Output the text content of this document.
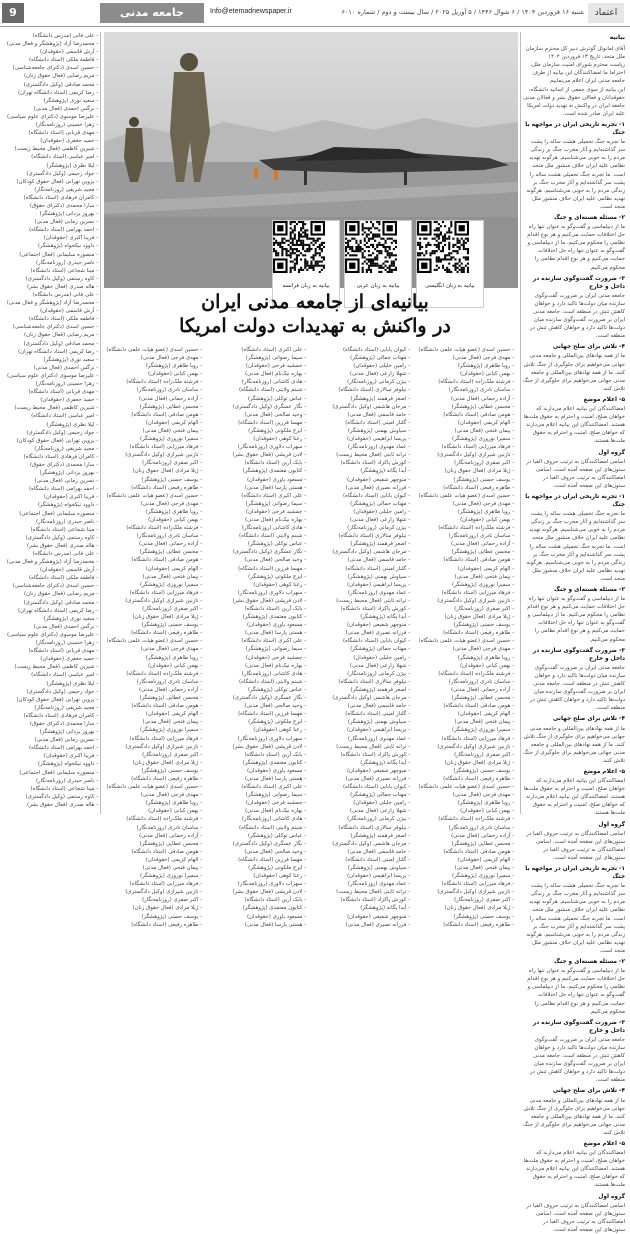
9	جامعه مدنی	Info@etemadnewspaper.ir	شنبه ۱۶ فروردین ۱۴۰۴ / ۶ شوال ۱۴۴۶ / ۵ آوریل ۲۰۲۵ / سال بیست و دوم / شماره ۶۰۱۰	اعتماد

- علی فانی (مدرس دانشگاه)

- محمدرضا آزاد (پژوهشگر و فعال مدنی)

- آرش قاسمی (حقوقدان)

- فاطمه ملکی (استاد دانشگاه)

- حسین اسدی (دکترای جامعه‌شناسی)

- مریم رضایی (فعال حقوق زنان)

- محمد صادقی (وکیل دادگستری)

- رضا کریمی (استاد دانشگاه تهران)

- سعید نوری (پژوهشگر)

- نرگس احمدی (فعال مدنی)

- علیرضا موسوی (دکترای علوم سیاسی)

- زهرا حسینی (روزنامه‌نگار)

- مهدی قربانی (استاد دانشگاه)

- حمید جعفری (حقوقدان)

- شیرین کاظمی (فعال محیط زیست)

- امیر عباسی (استاد دانشگاه)

- لیلا نظری (پژوهشگر)

- جواد رحیمی (وکیل دادگستری)

- پروین تهرانی (فعال حقوق کودکان)

- مجید شریفی (روزنامه‌نگار)

- کامران فرهادی (استاد دانشگاه)

- سارا محمدی (دکترای حقوق)

- بهروز یزدانی (پژوهشگر)

- نسرین زمانی (فعال مدنی)

- احمد بهرامی (استاد دانشگاه)

- فریبا اکبری (حقوقدان)

- داوود نیکخواه (پژوهشگر)

- منصوره سلیمانی (فعال اجتماعی)

- ناصر حیدری (روزنامه‌نگار)

- مینا شجاعی (استاد دانشگاه)

- کاوه رستمی (وکیل دادگستری)

- هاله صدری (فعال حقوق بشر)

- علی فانی (مدرس دانشگاه)

- محمدرضا آزاد (پژوهشگر و فعال مدنی)

- آرش قاسمی (حقوقدان)

- فاطمه ملکی (استاد دانشگاه)

- حسین اسدی (دکترای جامعه‌شناسی)

- مریم رضایی (فعال حقوق زنان)

- محمد صادقی (وکیل دادگستری)

- رضا کریمی (استاد دانشگاه تهران)

- سعید نوری (پژوهشگر)

- نرگس احمدی (فعال مدنی)

- علیرضا موسوی (دکترای علوم سیاسی)

- زهرا حسینی (روزنامه‌نگار)

- مهدی قربانی (استاد دانشگاه)

- حمید جعفری (حقوقدان)

- شیرین کاظمی (فعال محیط زیست)

- امیر عباسی (استاد دانشگاه)

- لیلا نظری (پژوهشگر)

- جواد رحیمی (وکیل دادگستری)

- پروین تهرانی (فعال حقوق کودکان)

- مجید شریفی (روزنامه‌نگار)

- کامران فرهادی (استاد دانشگاه)

- سارا محمدی (دکترای حقوق)

- بهروز یزدانی (پژوهشگر)

- نسرین زمانی (فعال مدنی)

- احمد بهرامی (استاد دانشگاه)

- فریبا اکبری (حقوقدان)

- داوود نیکخواه (پژوهشگر)

- منصوره سلیمانی (فعال اجتماعی)

- ناصر حیدری (روزنامه‌نگار)

- مینا شجاعی (استاد دانشگاه)

- کاوه رستمی (وکیل دادگستری)

- هاله صدری (فعال حقوق بشر)

- علی فانی (مدرس دانشگاه)

- محمدرضا آزاد (پژوهشگر و فعال مدنی)

- آرش قاسمی (حقوقدان)

- فاطمه ملکی (استاد دانشگاه)

- حسین اسدی (دکترای جامعه‌شناسی)

- مریم رضایی (فعال حقوق زنان)

- محمد صادقی (وکیل دادگستری)

- رضا کریمی (استاد دانشگاه تهران)

- سعید نوری (پژوهشگر)

- نرگس احمدی (فعال مدنی)

- علیرضا موسوی (دکترای علوم سیاسی)

- زهرا حسینی (روزنامه‌نگار)

- مهدی قربانی (استاد دانشگاه)

- حمید جعفری (حقوقدان)

- شیرین کاظمی (فعال محیط زیست)

- امیر عباسی (استاد دانشگاه)

- لیلا نظری (پژوهشگر)

- جواد رحیمی (وکیل دادگستری)

- پروین تهرانی (فعال حقوق کودکان)

- مجید شریفی (روزنامه‌نگار)

- کامران فرهادی (استاد دانشگاه)

- سارا محمدی (دکترای حقوق)

- بهروز یزدانی (پژوهشگر)

- نسرین زمانی (فعال مدنی)

- احمد بهرامی (استاد دانشگاه)

- فریبا اکبری (حقوقدان)

- داوود نیکخواه (پژوهشگر)

- منصوره سلیمانی (فعال اجتماعی)

- ناصر حیدری (روزنامه‌نگار)

- مینا شجاعی (استاد دانشگاه)

- کاوه رستمی (وکیل دادگستری)

- هاله صدری (فعال حقوق بشر)

بیانیه به زبان انگلیسی
بیانیه به زبان عربی
بیانیه به زبان فرانسه
بیانیه‌ای از جامعه مدنی ایران
در واکنش به تهدیدات دولت امریکا

- حسین اسدی (عضو هیات علمی دانشگاه)

- مهدی فرجی (فعال مدنی)

- رویا طاهری (پژوهشگر)

- بهمن کیانی (حقوقدان)

- فرشته ملک‌زاده (استاد دانشگاه)

- ساسان نادری (روزنامه‌نگار)

- آزاده رحمانی (فعال مدنی)

- محسن عطایی (پژوهشگر)

- هومن صادقی (استاد دانشگاه)

- الهام کریمی (حقوقدان)

- پیمان فتحی (فعال مدنی)

- سمیرا نوروزی (پژوهشگر)

- فرهاد میرزایی (استاد دانشگاه)

- نازنین شیرازی (وکیل دادگستری)

- اکبر صفری (روزنامه‌نگار)

- ژیلا مرادی (فعال حقوق زنان)

- یوسف حسنی (پژوهشگر)

- طاهره رفیعی (استاد دانشگاه)

- حسین اسدی (عضو هیات علمی دانشگاه)

- مهدی فرجی (فعال مدنی)

- رویا طاهری (پژوهشگر)

- بهمن کیانی (حقوقدان)

- فرشته ملک‌زاده (استاد دانشگاه)

- ساسان نادری (روزنامه‌نگار)

- آزاده رحمانی (فعال مدنی)

- محسن عطایی (پژوهشگر)

- هومن صادقی (استاد دانشگاه)

- الهام کریمی (حقوقدان)

- پیمان فتحی (فعال مدنی)

- سمیرا نوروزی (پژوهشگر)

- فرهاد میرزایی (استاد دانشگاه)

- نازنین شیرازی (وکیل دادگستری)

- اکبر صفری (روزنامه‌نگار)

- ژیلا مرادی (فعال حقوق زنان)

- یوسف حسنی (پژوهشگر)

- طاهره رفیعی (استاد دانشگاه)

- حسین اسدی (عضو هیات علمی دانشگاه)

- مهدی فرجی (فعال مدنی)

- رویا طاهری (پژوهشگر)

- بهمن کیانی (حقوقدان)

- فرشته ملک‌زاده (استاد دانشگاه)

- ساسان نادری (روزنامه‌نگار)

- آزاده رحمانی (فعال مدنی)

- محسن عطایی (پژوهشگر)

- هومن صادقی (استاد دانشگاه)

- الهام کریمی (حقوقدان)

- پیمان فتحی (فعال مدنی)

- سمیرا نوروزی (پژوهشگر)

- فرهاد میرزایی (استاد دانشگاه)

- نازنین شیرازی (وکیل دادگستری)

- اکبر صفری (روزنامه‌نگار)

- ژیلا مرادی (فعال حقوق زنان)

- یوسف حسنی (پژوهشگر)

- طاهره رفیعی (استاد دانشگاه)

- حسین اسدی (عضو هیات علمی دانشگاه)

- مهدی فرجی (فعال مدنی)

- رویا طاهری (پژوهشگر)

- بهمن کیانی (حقوقدان)

- فرشته ملک‌زاده (استاد دانشگاه)

- ساسان نادری (روزنامه‌نگار)

- آزاده رحمانی (فعال مدنی)

- محسن عطایی (پژوهشگر)

- هومن صادقی (استاد دانشگاه)

- الهام کریمی (حقوقدان)

- پیمان فتحی (فعال مدنی)

- سمیرا نوروزی (پژوهشگر)

- فرهاد میرزایی (استاد دانشگاه)

- نازنین شیرازی (وکیل دادگستری)

- اکبر صفری (روزنامه‌نگار)

- ژیلا مرادی (فعال حقوق زنان)

- یوسف حسنی (پژوهشگر)

- طاهره رفیعی (استاد دانشگاه)

- کیوان بابایی (استاد دانشگاه)

- مهتاب جمالی (پژوهشگر)

- رامین خلیلی (حقوقدان)

- شهلا زارعی (فعال مدنی)

- بیژن کرمانی (روزنامه‌نگار)

- نیلوفر سالاری (استاد دانشگاه)

- اصغر فرهمند (پژوهشگر)

- مرجان هاشمی (وکیل دادگستری)

- حامد قاسمی (فعال مدنی)

- گلناز امینی (استاد دانشگاه)

- سیاوش بهمنی (پژوهشگر)

- پریسا ابراهیمی (حقوقدان)

- عماد مهدوی (روزنامه‌نگار)

- ترانه ثابتی (فعال محیط زیست)

- کورش پاکزاد (استاد دانشگاه)

- آیدا یگانه (پژوهشگر)

- منوچهر شفیعی (حقوقدان)

- فرزانه نصیری (فعال مدنی)

- کیوان بابایی (استاد دانشگاه)

- مهتاب جمالی (پژوهشگر)

- رامین خلیلی (حقوقدان)

- شهلا زارعی (فعال مدنی)

- بیژن کرمانی (روزنامه‌نگار)

- نیلوفر سالاری (استاد دانشگاه)

- اصغر فرهمند (پژوهشگر)

- مرجان هاشمی (وکیل دادگستری)

- حامد قاسمی (فعال مدنی)

- گلناز امینی (استاد دانشگاه)

- سیاوش بهمنی (پژوهشگر)

- پریسا ابراهیمی (حقوقدان)

- عماد مهدوی (روزنامه‌نگار)

- ترانه ثابتی (فعال محیط زیست)

- کورش پاکزاد (استاد دانشگاه)

- آیدا یگانه (پژوهشگر)

- منوچهر شفیعی (حقوقدان)

- فرزانه نصیری (فعال مدنی)

- کیوان بابایی (استاد دانشگاه)

- مهتاب جمالی (پژوهشگر)

- رامین خلیلی (حقوقدان)

- شهلا زارعی (فعال مدنی)

- بیژن کرمانی (روزنامه‌نگار)

- نیلوفر سالاری (استاد دانشگاه)

- اصغر فرهمند (پژوهشگر)

- مرجان هاشمی (وکیل دادگستری)

- حامد قاسمی (فعال مدنی)

- گلناز امینی (استاد دانشگاه)

- سیاوش بهمنی (پژوهشگر)

- پریسا ابراهیمی (حقوقدان)

- عماد مهدوی (روزنامه‌نگار)

- ترانه ثابتی (فعال محیط زیست)

- کورش پاکزاد (استاد دانشگاه)

- آیدا یگانه (پژوهشگر)

- منوچهر شفیعی (حقوقدان)

- فرزانه نصیری (فعال مدنی)

- کیوان بابایی (استاد دانشگاه)

- مهتاب جمالی (پژوهشگر)

- رامین خلیلی (حقوقدان)

- شهلا زارعی (فعال مدنی)

- بیژن کرمانی (روزنامه‌نگار)

- نیلوفر سالاری (استاد دانشگاه)

- اصغر فرهمند (پژوهشگر)

- مرجان هاشمی (وکیل دادگستری)

- حامد قاسمی (فعال مدنی)

- گلناز امینی (استاد دانشگاه)

- سیاوش بهمنی (پژوهشگر)

- پریسا ابراهیمی (حقوقدان)

- عماد مهدوی (روزنامه‌نگار)

- ترانه ثابتی (فعال محیط زیست)

- کورش پاکزاد (استاد دانشگاه)

- آیدا یگانه (پژوهشگر)

- منوچهر شفیعی (حقوقدان)

- فرزانه نصیری (فعال مدنی)

- علی اکبری (استاد دانشگاه)

- سیما رضوانی (پژوهشگر)

- جمشید فرخی (حقوقدان)

- بهاره نیک‌نام (فعال مدنی)

- هادی کاشانی (روزنامه‌نگار)

- شبنم ولایتی (استاد دانشگاه)

- عباس توکلی (پژوهشگر)

- نگار عسگری (وکیل دادگستری)

- وحید صالحی (فعال مدنی)

- مهسا فرزین (استاد دانشگاه)

- ایرج ملکوتی (پژوهشگر)

- رعنا کوهی (حقوقدان)

- سهراب دلاوری (روزنامه‌نگار)

- لادن قریشی (فعال حقوق بشر)

- بابک آرین (استاد دانشگاه)

- کتایون معتمدی (پژوهشگر)

- مسعود یاوری (حقوقدان)

- هستی پارسا (فعال مدنی)

- علی اکبری (استاد دانشگاه)

- سیما رضوانی (پژوهشگر)

- جمشید فرخی (حقوقدان)

- بهاره نیک‌نام (فعال مدنی)

- هادی کاشانی (روزنامه‌نگار)

- شبنم ولایتی (استاد دانشگاه)

- عباس توکلی (پژوهشگر)

- نگار عسگری (وکیل دادگستری)

- وحید صالحی (فعال مدنی)

- مهسا فرزین (استاد دانشگاه)

- ایرج ملکوتی (پژوهشگر)

- رعنا کوهی (حقوقدان)

- سهراب دلاوری (روزنامه‌نگار)

- لادن قریشی (فعال حقوق بشر)

- بابک آرین (استاد دانشگاه)

- کتایون معتمدی (پژوهشگر)

- مسعود یاوری (حقوقدان)

- هستی پارسا (فعال مدنی)

- علی اکبری (استاد دانشگاه)

- سیما رضوانی (پژوهشگر)

- جمشید فرخی (حقوقدان)

- بهاره نیک‌نام (فعال مدنی)

- هادی کاشانی (روزنامه‌نگار)

- شبنم ولایتی (استاد دانشگاه)

- عباس توکلی (پژوهشگر)

- نگار عسگری (وکیل دادگستری)

- وحید صالحی (فعال مدنی)

- مهسا فرزین (استاد دانشگاه)

- ایرج ملکوتی (پژوهشگر)

- رعنا کوهی (حقوقدان)

- سهراب دلاوری (روزنامه‌نگار)

- لادن قریشی (فعال حقوق بشر)

- بابک آرین (استاد دانشگاه)

- کتایون معتمدی (پژوهشگر)

- مسعود یاوری (حقوقدان)

- هستی پارسا (فعال مدنی)

- علی اکبری (استاد دانشگاه)

- سیما رضوانی (پژوهشگر)

- جمشید فرخی (حقوقدان)

- بهاره نیک‌نام (فعال مدنی)

- هادی کاشانی (روزنامه‌نگار)

- شبنم ولایتی (استاد دانشگاه)

- عباس توکلی (پژوهشگر)

- نگار عسگری (وکیل دادگستری)

- وحید صالحی (فعال مدنی)

- مهسا فرزین (استاد دانشگاه)

- ایرج ملکوتی (پژوهشگر)

- رعنا کوهی (حقوقدان)

- سهراب دلاوری (روزنامه‌نگار)

- لادن قریشی (فعال حقوق بشر)

- بابک آرین (استاد دانشگاه)

- کتایون معتمدی (پژوهشگر)

- مسعود یاوری (حقوقدان)

- هستی پارسا (فعال مدنی)

- حسین اسدی (عضو هیات علمی دانشگاه)

- مهدی فرجی (فعال مدنی)

- رویا طاهری (پژوهشگر)

- بهمن کیانی (حقوقدان)

- فرشته ملک‌زاده (استاد دانشگاه)

- ساسان نادری (روزنامه‌نگار)

- آزاده رحمانی (فعال مدنی)

- محسن عطایی (پژوهشگر)

- هومن صادقی (استاد دانشگاه)

- الهام کریمی (حقوقدان)

- پیمان فتحی (فعال مدنی)

- سمیرا نوروزی (پژوهشگر)

- فرهاد میرزایی (استاد دانشگاه)

- نازنین شیرازی (وکیل دادگستری)

- اکبر صفری (روزنامه‌نگار)

- ژیلا مرادی (فعال حقوق زنان)

- یوسف حسنی (پژوهشگر)

- طاهره رفیعی (استاد دانشگاه)

- حسین اسدی (عضو هیات علمی دانشگاه)

- مهدی فرجی (فعال مدنی)

- رویا طاهری (پژوهشگر)

- بهمن کیانی (حقوقدان)

- فرشته ملک‌زاده (استاد دانشگاه)

- ساسان نادری (روزنامه‌نگار)

- آزاده رحمانی (فعال مدنی)

- محسن عطایی (پژوهشگر)

- هومن صادقی (استاد دانشگاه)

- الهام کریمی (حقوقدان)

- پیمان فتحی (فعال مدنی)

- سمیرا نوروزی (پژوهشگر)

- فرهاد میرزایی (استاد دانشگاه)

- نازنین شیرازی (وکیل دادگستری)

- اکبر صفری (روزنامه‌نگار)

- ژیلا مرادی (فعال حقوق زنان)

- یوسف حسنی (پژوهشگر)

- طاهره رفیعی (استاد دانشگاه)

- حسین اسدی (عضو هیات علمی دانشگاه)

- مهدی فرجی (فعال مدنی)

- رویا طاهری (پژوهشگر)

- بهمن کیانی (حقوقدان)

- فرشته ملک‌زاده (استاد دانشگاه)

- ساسان نادری (روزنامه‌نگار)

- آزاده رحمانی (فعال مدنی)

- محسن عطایی (پژوهشگر)

- هومن صادقی (استاد دانشگاه)

- الهام کریمی (حقوقدان)

- پیمان فتحی (فعال مدنی)

- سمیرا نوروزی (پژوهشگر)

- فرهاد میرزایی (استاد دانشگاه)

- نازنین شیرازی (وکیل دادگستری)

- اکبر صفری (روزنامه‌نگار)

- ژیلا مرادی (فعال حقوق زنان)

- یوسف حسنی (پژوهشگر)

- طاهره رفیعی (استاد دانشگاه)

- حسین اسدی (عضو هیات علمی دانشگاه)

- مهدی فرجی (فعال مدنی)

- رویا طاهری (پژوهشگر)

- بهمن کیانی (حقوقدان)

- فرشته ملک‌زاده (استاد دانشگاه)

- ساسان نادری (روزنامه‌نگار)

- آزاده رحمانی (فعال مدنی)

- محسن عطایی (پژوهشگر)

- هومن صادقی (استاد دانشگاه)

- الهام کریمی (حقوقدان)

- پیمان فتحی (فعال مدنی)

- سمیرا نوروزی (پژوهشگر)

- فرهاد میرزایی (استاد دانشگاه)

- نازنین شیرازی (وکیل دادگستری)

- اکبر صفری (روزنامه‌نگار)

- ژیلا مرادی (فعال حقوق زنان)

- یوسف حسنی (پژوهشگر)

- طاهره رفیعی (استاد دانشگاه)

بیانیه

آقای امانوئل گوترش دبیر کل محترم سازمان ملل متحد، تاریخ ۱۳ فروردین ۱۴۰۴

ریاست محترم شورای امنیت سازمان ملل، احتراما ما امضاکنندگان این بیانیه از طرف جامعه مدنی ایران اعلام می‌نماییم

این بیانیه از سوی جمعی از اساتید دانشگاه، حقوقدانان و فعالان حقوق بشر و فعالان مدنی جامعه ایران در واکنش به تهدید دولت امریکا علیه ایران صادر شده است.

۱- تجربه تاریخی ایران در مواجهه با جنگ

ما تجربه جنگ تحمیلی هشت ساله را پشت سر گذاشته‌ایم و آثار مخرب جنگ بر زندگی مردم را به خوبی می‌شناسیم. هرگونه تهدید نظامی علیه ایران خلاف منشور ملل متحد است. ما تجربه جنگ تحمیلی هشت ساله را پشت سر گذاشته‌ایم و آثار مخرب جنگ بر زندگی مردم را به خوبی می‌شناسیم. هرگونه تهدید نظامی علیه ایران خلاف منشور ملل متحد است.

۲- مسئله هسته‌ای و جنگ

ما از دیپلماسی و گفت‌وگو به عنوان تنها راه حل اختلافات حمایت می‌کنیم و هر نوع اقدام نظامی را محکوم می‌کنیم. ما از دیپلماسی و گفت‌وگو به عنوان تنها راه حل اختلافات حمایت می‌کنیم و هر نوع اقدام نظامی را محکوم می‌کنیم.

۳- ضرورت گفت‌وگوی سازنده در داخل و خارج

جامعه مدنی ایران بر ضرورت گفت‌وگوی سازنده میان دولت‌ها تاکید دارد و خواهان کاهش تنش در منطقه است. جامعه مدنی ایران بر ضرورت گفت‌وگوی سازنده میان دولت‌ها تاکید دارد و خواهان کاهش تنش در منطقه است.

۴- تلاش برای صلح جهانی

ما از همه نهادهای بین‌المللی و جامعه مدنی جهانی می‌خواهیم برای جلوگیری از جنگ تلاش کنند. ما از همه نهادهای بین‌المللی و جامعه مدنی جهانی می‌خواهیم برای جلوگیری از جنگ تلاش کنند.

۵- اعلام موضع

امضاکنندگان این بیانیه اعلام می‌دارند که خواهان صلح، امنیت و احترام به حقوق ملت‌ها هستند. امضاکنندگان این بیانیه اعلام می‌دارند که خواهان صلح، امنیت و احترام به حقوق ملت‌ها هستند.

گروه اول

اسامی امضاکنندگان به ترتیب حروف الفبا در ستون‌های این صفحه آمده است. اسامی امضاکنندگان به ترتیب حروف الفبا در ستون‌های این صفحه آمده است.

۱- تجربه تاریخی ایران در مواجهه با جنگ

ما تجربه جنگ تحمیلی هشت ساله را پشت سر گذاشته‌ایم و آثار مخرب جنگ بر زندگی مردم را به خوبی می‌شناسیم. هرگونه تهدید نظامی علیه ایران خلاف منشور ملل متحد است. ما تجربه جنگ تحمیلی هشت ساله را پشت سر گذاشته‌ایم و آثار مخرب جنگ بر زندگی مردم را به خوبی می‌شناسیم. هرگونه تهدید نظامی علیه ایران خلاف منشور ملل متحد است.

۲- مسئله هسته‌ای و جنگ

ما از دیپلماسی و گفت‌وگو به عنوان تنها راه حل اختلافات حمایت می‌کنیم و هر نوع اقدام نظامی را محکوم می‌کنیم. ما از دیپلماسی و گفت‌وگو به عنوان تنها راه حل اختلافات حمایت می‌کنیم و هر نوع اقدام نظامی را محکوم می‌کنیم.

۳- ضرورت گفت‌وگوی سازنده در داخل و خارج

جامعه مدنی ایران بر ضرورت گفت‌وگوی سازنده میان دولت‌ها تاکید دارد و خواهان کاهش تنش در منطقه است. جامعه مدنی ایران بر ضرورت گفت‌وگوی سازنده میان دولت‌ها تاکید دارد و خواهان کاهش تنش در منطقه است.

۴- تلاش برای صلح جهانی

ما از همه نهادهای بین‌المللی و جامعه مدنی جهانی می‌خواهیم برای جلوگیری از جنگ تلاش کنند. ما از همه نهادهای بین‌المللی و جامعه مدنی جهانی می‌خواهیم برای جلوگیری از جنگ تلاش کنند.

۵- اعلام موضع

امضاکنندگان این بیانیه اعلام می‌دارند که خواهان صلح، امنیت و احترام به حقوق ملت‌ها هستند. امضاکنندگان این بیانیه اعلام می‌دارند که خواهان صلح، امنیت و احترام به حقوق ملت‌ها هستند.

گروه اول

اسامی امضاکنندگان به ترتیب حروف الفبا در ستون‌های این صفحه آمده است. اسامی امضاکنندگان به ترتیب حروف الفبا در ستون‌های این صفحه آمده است.

۱- تجربه تاریخی ایران در مواجهه با جنگ

ما تجربه جنگ تحمیلی هشت ساله را پشت سر گذاشته‌ایم و آثار مخرب جنگ بر زندگی مردم را به خوبی می‌شناسیم. هرگونه تهدید نظامی علیه ایران خلاف منشور ملل متحد است. ما تجربه جنگ تحمیلی هشت ساله را پشت سر گذاشته‌ایم و آثار مخرب جنگ بر زندگی مردم را به خوبی می‌شناسیم. هرگونه تهدید نظامی علیه ایران خلاف منشور ملل متحد است.

۲- مسئله هسته‌ای و جنگ

ما از دیپلماسی و گفت‌وگو به عنوان تنها راه حل اختلافات حمایت می‌کنیم و هر نوع اقدام نظامی را محکوم می‌کنیم. ما از دیپلماسی و گفت‌وگو به عنوان تنها راه حل اختلافات حمایت می‌کنیم و هر نوع اقدام نظامی را محکوم می‌کنیم.

۳- ضرورت گفت‌وگوی سازنده در داخل و خارج

جامعه مدنی ایران بر ضرورت گفت‌وگوی سازنده میان دولت‌ها تاکید دارد و خواهان کاهش تنش در منطقه است. جامعه مدنی ایران بر ضرورت گفت‌وگوی سازنده میان دولت‌ها تاکید دارد و خواهان کاهش تنش در منطقه است.

۴- تلاش برای صلح جهانی

ما از همه نهادهای بین‌المللی و جامعه مدنی جهانی می‌خواهیم برای جلوگیری از جنگ تلاش کنند. ما از همه نهادهای بین‌المللی و جامعه مدنی جهانی می‌خواهیم برای جلوگیری از جنگ تلاش کنند.

۵- اعلام موضع

امضاکنندگان این بیانیه اعلام می‌دارند که خواهان صلح، امنیت و احترام به حقوق ملت‌ها هستند. امضاکنندگان این بیانیه اعلام می‌دارند که خواهان صلح، امنیت و احترام به حقوق ملت‌ها هستند.

گروه اول

اسامی امضاکنندگان به ترتیب حروف الفبا در ستون‌های این صفحه آمده است. اسامی امضاکنندگان به ترتیب حروف الفبا در ستون‌های این صفحه آمده است.
